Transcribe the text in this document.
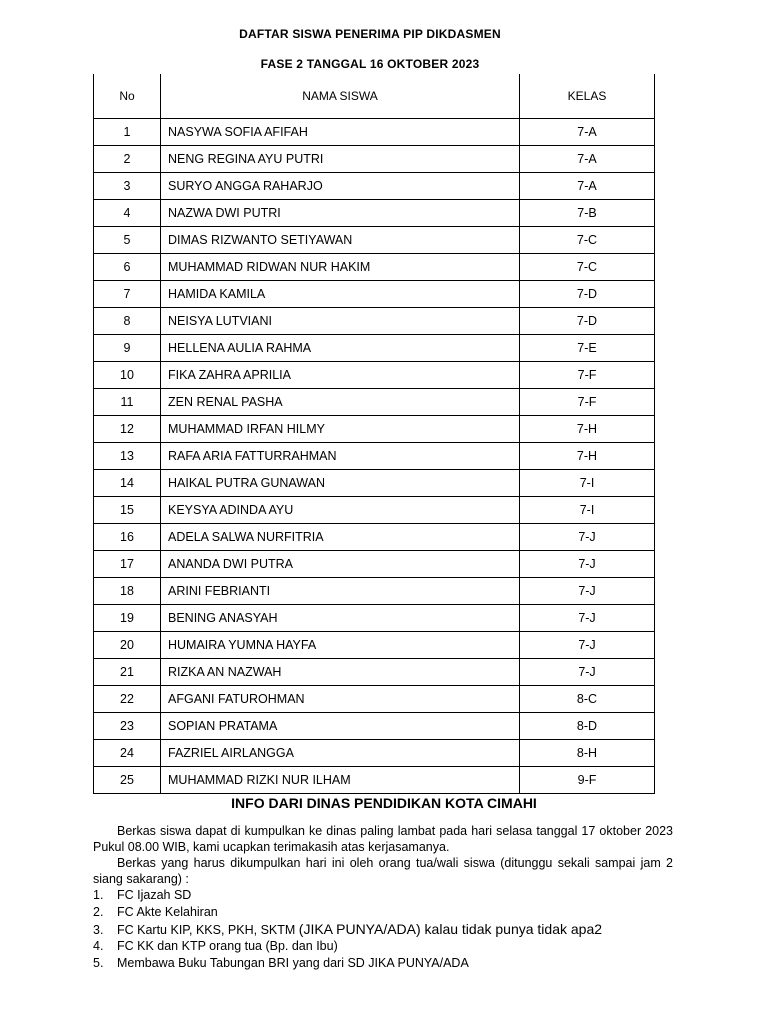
DAFTAR SISWA PENERIMA PIP DIKDASMEN
FASE 2 TANGGAL 16 OKTOBER 2023
No	NAMA SISWA	KELAS
1	NASYWA SOFIA AFIFAH	7-A
2	NENG REGINA AYU PUTRI	7-A
3	SURYO ANGGA RAHARJO	7-A
4	NAZWA DWI PUTRI	7-B
5	DIMAS RIZWANTO SETIYAWAN	7-C
6	MUHAMMAD RIDWAN NUR HAKIM	7-C
7	HAMIDA KAMILA	7-D
8	NEISYA LUTVIANI	7-D
9	HELLENA AULIA RAHMA	7-E
10	FIKA ZAHRA APRILIA	7-F
11	ZEN RENAL PASHA	7-F
12	MUHAMMAD IRFAN HILMY	7-H
13	RAFA ARIA FATTURRAHMAN	7-H
14	HAIKAL PUTRA GUNAWAN	7-I
15	KEYSYA ADINDA AYU	7-I
16	ADELA SALWA NURFITRIA	7-J
17	ANANDA DWI PUTRA	7-J
18	ARINI FEBRIANTI	7-J
19	BENING ANASYAH	7-J
20	HUMAIRA YUMNA HAYFA	7-J
21	RIZKA AN NAZWAH	7-J
22	AFGANI FATUROHMAN	8-C
23	SOPIAN PRATAMA	8-D
24	FAZRIEL AIRLANGGA	8-H
25	MUHAMMAD RIZKI NUR ILHAM	9-F
INFO DARI DINAS PENDIDIKAN KOTA CIMAHI

Berkas siswa dapat di kumpulkan ke dinas paling lambat pada hari selasa tanggal 17 oktober 2023 Pukul 08.00 WIB, kami ucapkan terimakasih atas kerjasamanya.

Berkas yang harus dikumpulkan hari ini oleh orang tua/wali siswa (ditunggu sekali sampai jam 2 siang sakarang) :

1. FC Ijazah SD
2. FC Akte Kelahiran
3. FC Kartu KIP, KKS, PKH, SKTM (JIKA PUNYA/ADA) kalau tidak punya tidak apa2
4. FC KK dan KTP orang tua (Bp. dan Ibu)
5. Membawa Buku Tabungan BRI yang dari SD JIKA PUNYA/ADA
